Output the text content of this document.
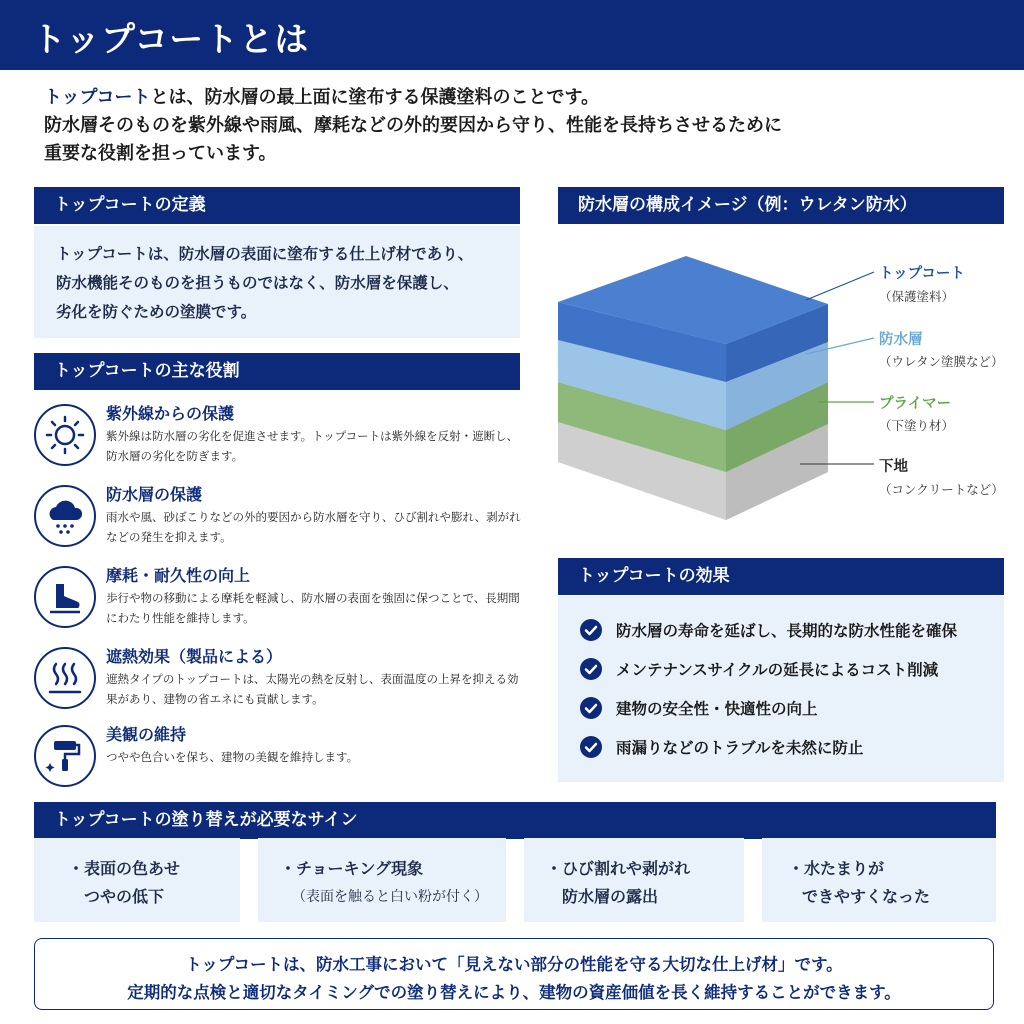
トップコートとは
トップコートとは、防水層の最上面に塗布する保護塗料のことです。
防水層そのものを紫外線や雨風、摩耗などの外的要因から守り、性能を長持ちさせるために
重要な役割を担っています。
トップコートの定義
トップコートは、防水層の表面に塗布する仕上げ材であり、
防水機能そのものを担うものではなく、防水層を保護し、
劣化を防ぐための塗膜です。
トップコートの主な役割
紫外線からの保護
紫外線は防水層の劣化を促進させます。トップコートは紫外線を反射・遮断し、防水層の劣化を防ぎます。
防水層の保護
雨水や風、砂ぼこりなどの外的要因から防水層を守り、ひび割れや膨れ、剥がれなどの発生を抑えます。
摩耗・耐久性の向上
歩行や物の移動による摩耗を軽減し、防水層の表面を強固に保つことで、長期間にわたり性能を維持します。
遮熱効果（製品による）
遮熱タイプのトップコートは、太陽光の熱を反射し、表面温度の上昇を抑える効果があり、建物の省エネにも貢献します。
美観の維持
つやや色合いを保ち、建物の美観を維持します。
防水層の構成イメージ（例：ウレタン防水）
トップコート
（保護塗料）
防水層
（ウレタン塗膜など）
プライマー
（下塗り材）
下地
（コンクリートなど）
トップコートの効果
防水層の寿命を延ばし、長期的な防水性能を確保
メンテナンスサイクルの延長によるコスト削減
建物の安全性・快適性の向上
雨漏りなどのトラブルを未然に防止
トップコートの塗り替えが必要なサイン
・表面の色あせ
つやの低下
・チョーキング現象
（表面を触ると白い粉が付く）
・ひび割れや剥がれ
防水層の露出
・水たまりが
できやすくなった
トップコートは、防水工事において「見えない部分の性能を守る大切な仕上げ材」です。
定期的な点検と適切なタイミングでの塗り替えにより、建物の資産価値を長く維持することができます。
